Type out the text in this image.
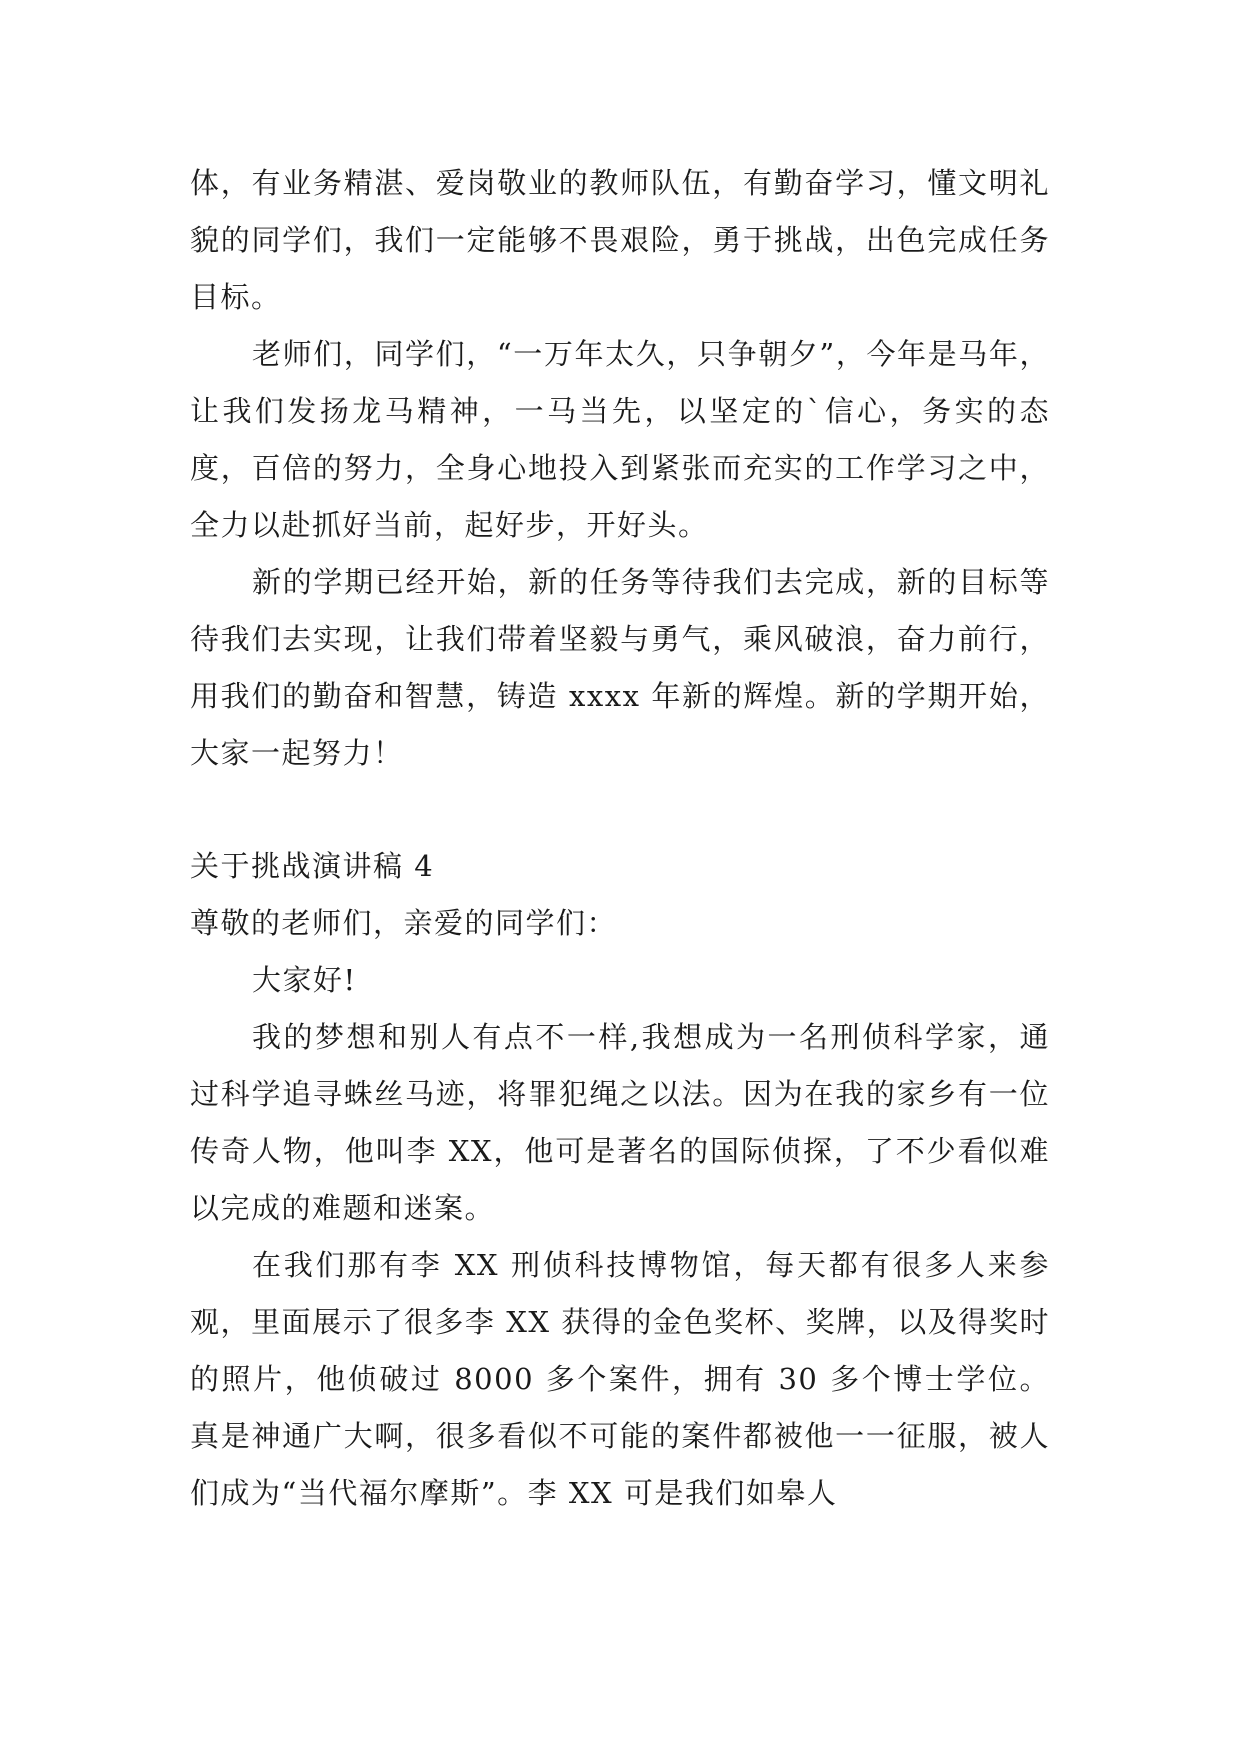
体，有业务精湛、爱岗敬业的教师队伍，有勤奋学习，懂文明礼貌的同学们，我们一定能够不畏艰险，勇于挑战，出色完成任务目标。

老师们，同学们，“一万年太久，只争朝夕”，今年是马年，让我们发扬龙马精神，一马当先，以坚定的`信心，务实的态度，百倍的努力，全身心地投入到紧张而充实的工作学习之中，全力以赴抓好当前，起好步，开好头。

新的学期已经开始，新的任务等待我们去完成，新的目标等待我们去实现，让我们带着坚毅与勇气，乘风破浪，奋力前行，用我们的勤奋和智慧，铸造 xxxx 年新的辉煌。新的学期开始，大家一起努力！

关于挑战演讲稿 4

尊敬的老师们，亲爱的同学们：

大家好!

我的梦想和别人有点不一样,我想成为一名刑侦科学家，通过科学追寻蛛丝马迹，将罪犯绳之以法。因为在我的家乡有一位传奇人物，他叫李 XX，他可是著名的国际侦探，了不少看似难以完成的难题和迷案。

在我们那有李 XX 刑侦科技博物馆，每天都有很多人来参观，里面展示了很多李 XX 获得的金色奖杯、奖牌，以及得奖时的照片，他侦破过 8000 多个案件，拥有 30 多个博士学位。真是神通广大啊，很多看似不可能的案件都被他一一征服，被人们成为“当代福尔摩斯”。李 XX 可是我们如皋人
